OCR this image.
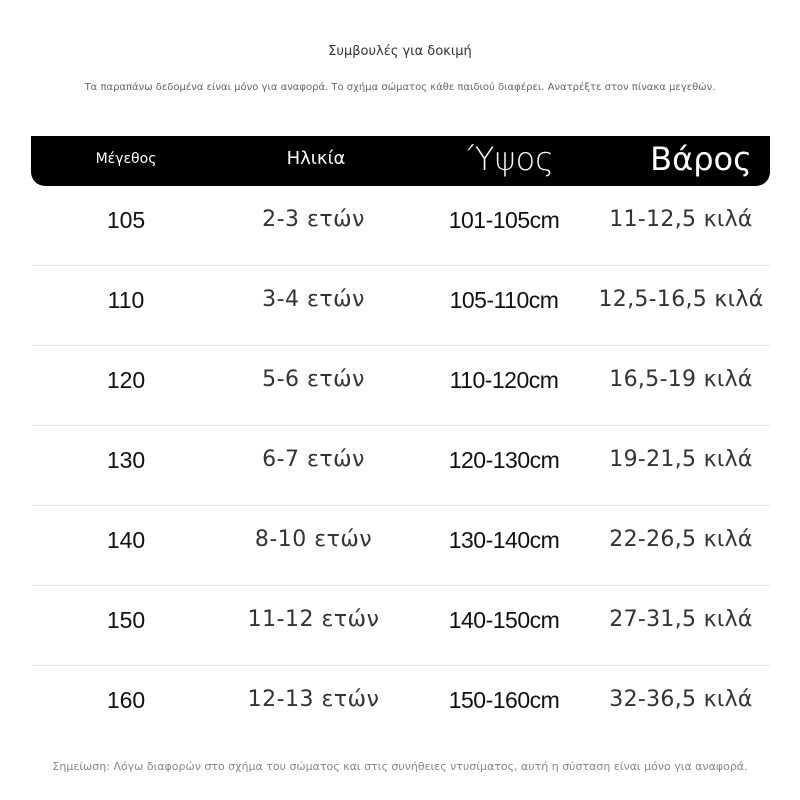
Συμβουλές για δοκιμή
Τα παραπάνω δεδομένα είναι μόνο για αναφορά. Το σχήμα σώματος κάθε παιδιού διαφέρει. Ανατρέξτε στον πίνακα μεγεθών.
Μέγεθος	Ηλικία	Ύψος	Βάρος
105	2-3 ετών	101-105cm	11-12,5 κιλά
110	3-4 ετών	105-110cm	12,5-16,5 κιλά
120	5-6 ετών	110-120cm	16,5-19 κιλά
130	6-7 ετών	120-130cm	19-21,5 κιλά
140	8-10 ετών	130-140cm	22-26,5 κιλά
150	11-12 ετών	140-150cm	27-31,5 κιλά
160	12-13 ετών	150-160cm	32-36,5 κιλά
Σημείωση: Λόγω διαφορών στο σχήμα του σώματος και στις συνήθειες ντυσίματος, αυτή η σύσταση είναι μόνο για αναφορά.
